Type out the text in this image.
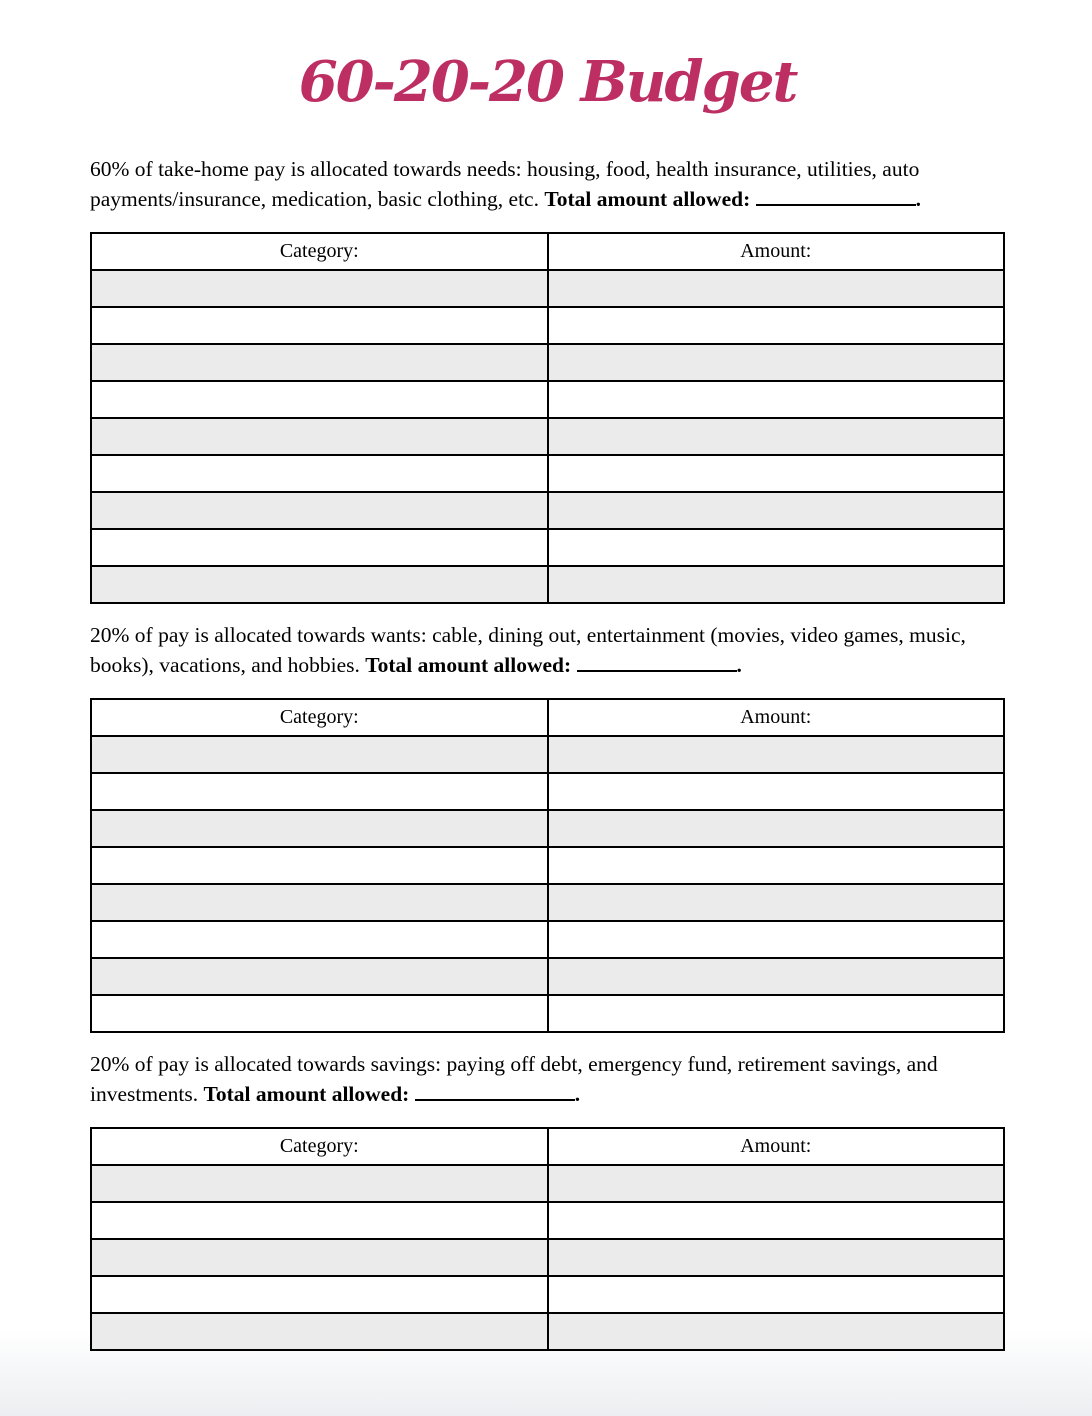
60-20-20 Budget

60% of take-home pay is allocated towards needs: housing, food, health insurance, utilities, auto
payments/insurance, medication, basic clothing, etc. Total amount allowed:	.

Category:	Amount:

20% of pay is allocated towards wants: cable, dining out, entertainment (movies, video games, music,
books), vacations, and hobbies. Total amount allowed:	.

Category:	Amount:

20% of pay is allocated towards savings: paying off debt, emergency fund, retirement savings, and
investments. Total amount allowed:	.

Category:	Amount:
